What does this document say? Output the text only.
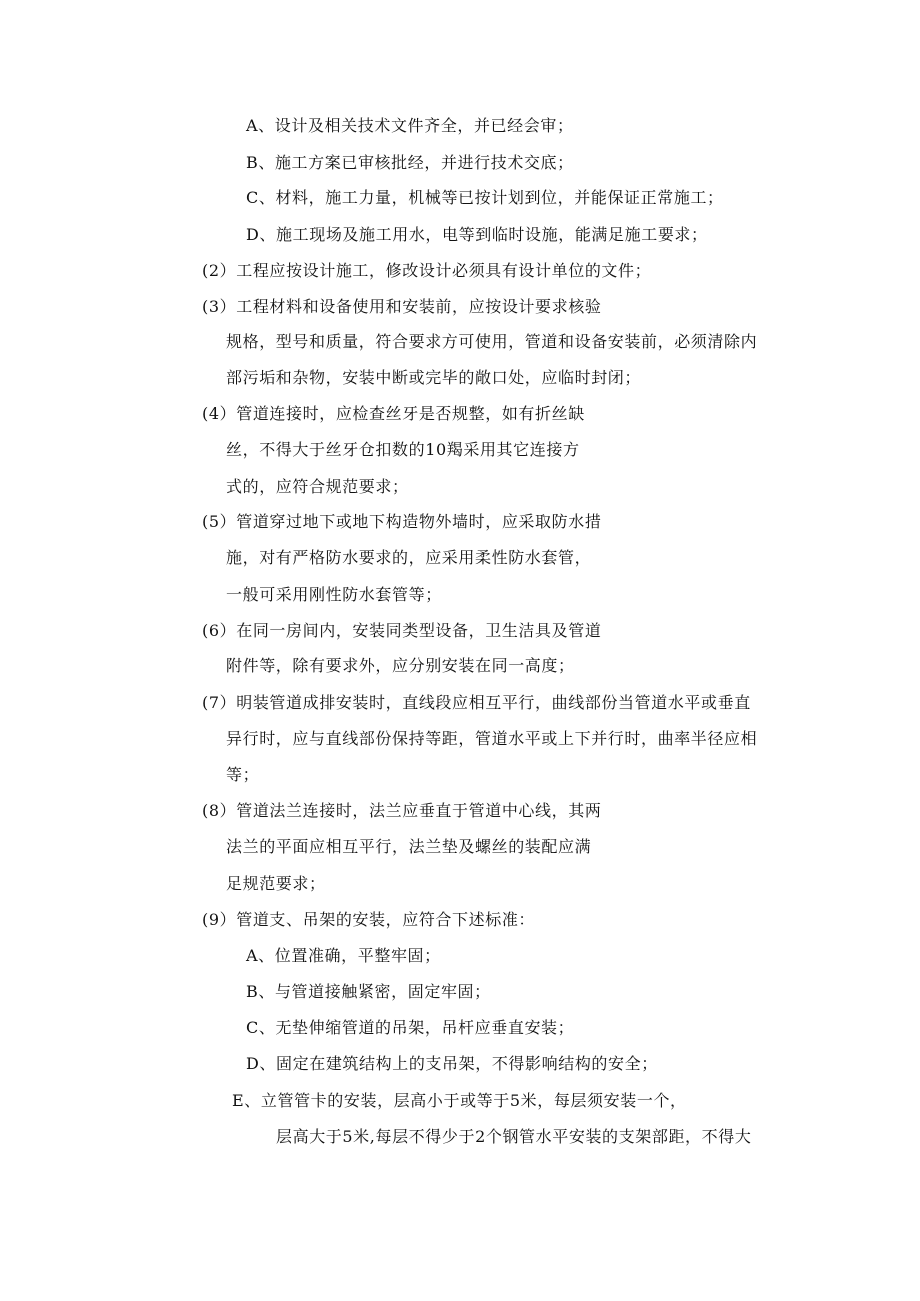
A、设计及相关技术文件齐全，并已经会审；
B、施工方案已审核批经，并进行技术交底；
C、材料，施工力量，机械等已按计划到位，并能保证正常施工；
D、施工现场及施工用水，电等到临时设施，能满足施工要求；
(2）工程应按设计施工，修改设计必须具有设计单位的文件；
(3）工程材料和设备使用和安装前，应按设计要求核验
规格，型号和质量，符合要求方可使用，管道和设备安装前，必须清除内
部污垢和杂物，安装中断或完毕的敞口处，应临时封闭；
(4）管道连接时，应检查丝牙是否规整，如有折丝缺
丝，不得大于丝牙仓扣数的10羯采用其它连接方
式的，应符合规范要求；
(5）管道穿过地下或地下构造物外墙时，应采取防水措
施，对有严格防水要求的，应采用柔性防水套管，
一般可采用刚性防水套管等；
(6）在同一房间内，安装同类型设备，卫生洁具及管道
附件等，除有要求外，应分别安装在同一高度；
(7）明装管道成排安装时，直线段应相互平行，曲线部份当管道水平或垂直
异行时，应与直线部份保持等距，管道水平或上下并行时，曲率半径应相
等；
(8）管道法兰连接时，法兰应垂直于管道中心线，其两
法兰的平面应相互平行，法兰垫及螺丝的装配应满
足规范要求；
(9）管道支、吊架的安装，应符合下述标准：
A、位置准确，平整牢固；
B、与管道接触紧密，固定牢固；
C、无垫伸缩管道的吊架，吊杆应垂直安装；
D、固定在建筑结构上的支吊架，不得影响结构的安全；
E、立管管卡的安装，层高小于或等于5米，每层须安装一个，
层高大于5米,每层不得少于2个钢管水平安装的支架部距，不得大
